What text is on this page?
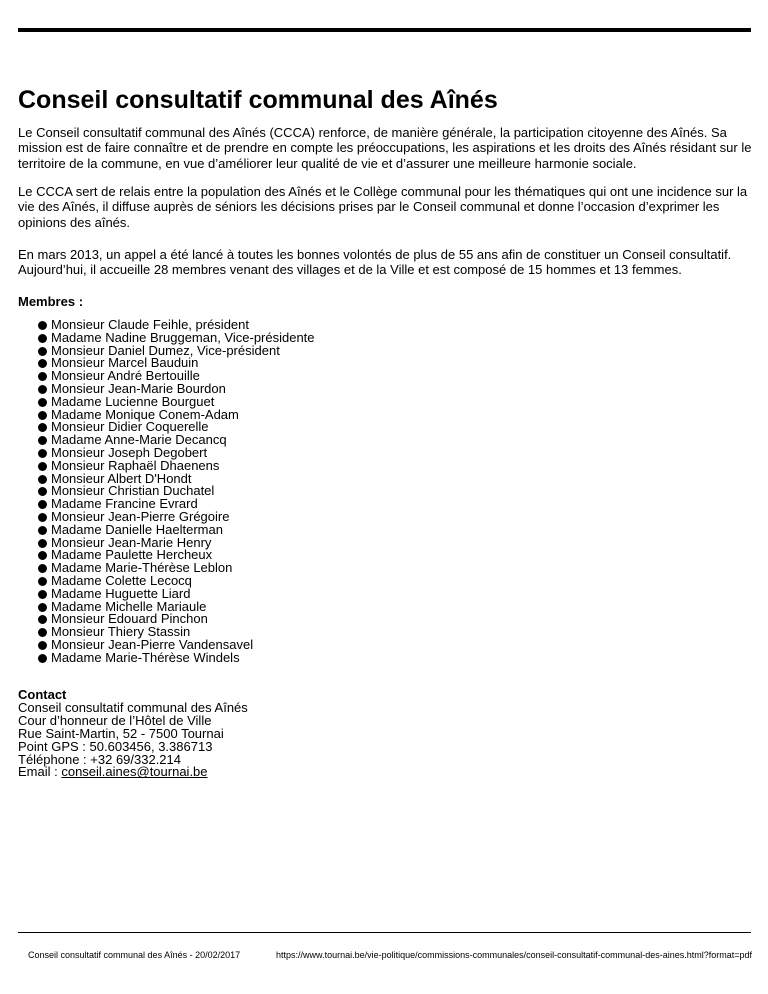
Conseil consultatif communal des Aînés

Le Conseil consultatif communal des Aînés (CCCA) renforce, de manière générale, la participation citoyenne des Aînés. Sa mission est de faire connaître et de prendre en compte les préoccupations, les aspirations et les droits des Aînés résidant sur le territoire de la commune, en vue d’améliorer leur qualité de vie et d’assurer une meilleure harmonie sociale.

Le CCCA sert de relais entre la population des Aînés et le Collège communal pour les thématiques qui ont une incidence sur la vie des Aînés, il diffuse auprès de séniors les décisions prises par le Conseil communal et donne l’occasion d’exprimer les opinions des aînés.

En mars 2013, un appel a été lancé à toutes les bonnes volontés de plus de 55 ans afin de constituer un Conseil consultatif. Aujourd’hui, il accueille 28 membres venant des villages et de la Ville et est composé de 15 hommes et 13 femmes.

Membres :

Monsieur Claude Feihle, président
Madame Nadine Bruggeman, Vice-présidente
Monsieur Daniel Dumez, Vice-président
Monsieur Marcel Bauduin
Monsieur André Bertouille
Monsieur Jean-Marie Bourdon
Madame Lucienne Bourguet
Madame Monique Conem-Adam
Monsieur Didier Coquerelle
Madame Anne-Marie Decancq
Monsieur Joseph Degobert
Monsieur Raphaël Dhaenens
Monsieur Albert D'Hondt
Monsieur Christian Duchatel
Madame Francine Evrard
Monsieur Jean-Pierre Grégoire
Madame Danielle Haelterman
Monsieur Jean-Marie Henry
Madame Paulette Hercheux
Madame Marie-Thérèse Leblon
Madame Colette Lecocq
Madame Huguette Liard
Madame Michelle Mariaule
Monsieur Edouard Pinchon
Monsieur Thiery Stassin
Monsieur Jean-Pierre Vandensavel
Madame Marie-Thérèse Windels
Contact
Conseil consultatif communal des Aînés
Cour d’honneur de l’Hôtel de Ville
Rue Saint-Martin, 52 - 7500 Tournai
Point GPS : 50.603456, 3.386713
Téléphone : +32 69/332.214
Email : conseil.aines@tournai.be
Conseil consultatif communal des Aînés - 20/02/2017	https://www.tournai.be/vie-politique/commissions-communales/conseil-consultatif-communal-des-aines.html?format=pdf
